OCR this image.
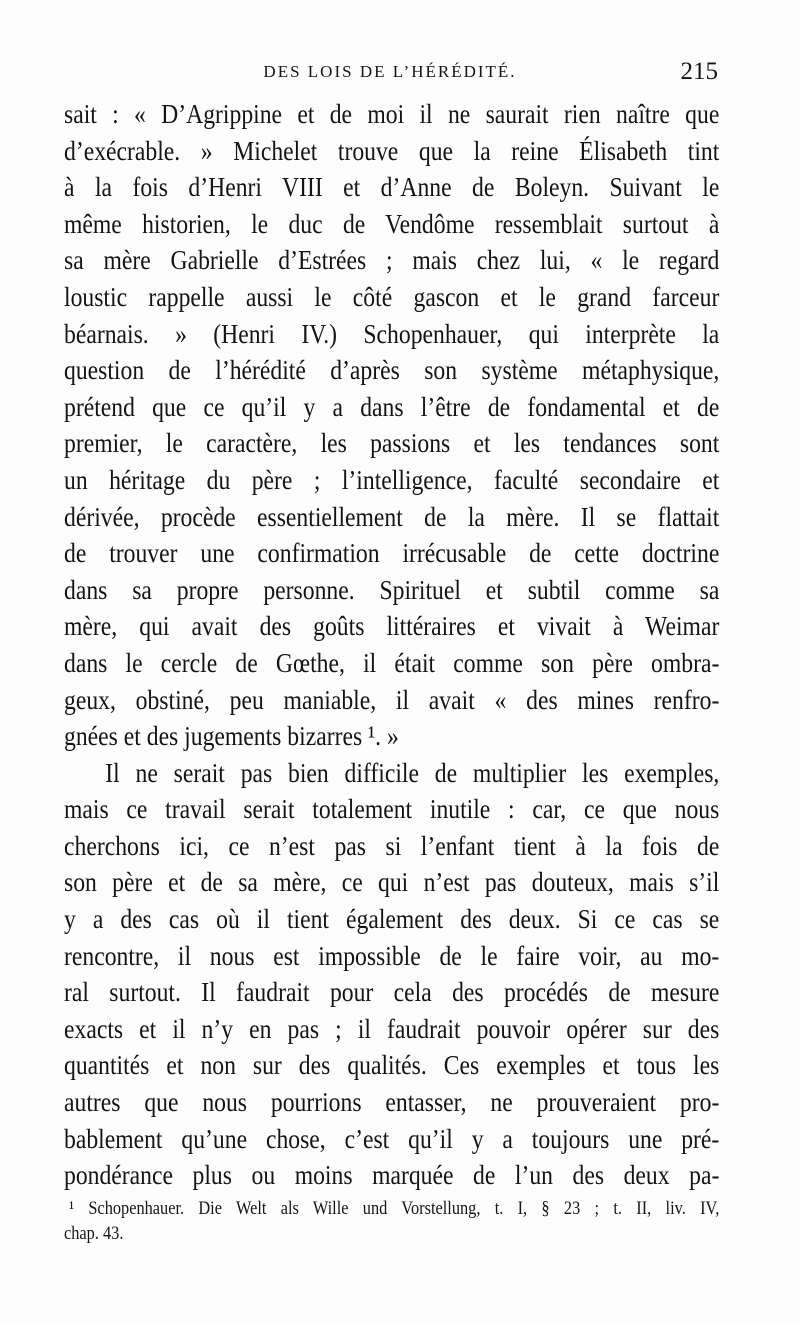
DES LOIS DE L’HÉRÉDITÉ.	215
sait : « D’Agrippine et de moi il ne saurait rien naître que
d’exécrable. » Michelet trouve que la reine Élisabeth tint
à la fois d’Henri VIII et d’Anne de Boleyn. Suivant le
même historien, le duc de Vendôme ressemblait surtout à
sa mère Gabrielle d’Estrées ; mais chez lui, « le regard
loustic rappelle aussi le côté gascon et le grand farceur
béarnais. » (Henri IV.) Schopenhauer, qui interprète la
question de l’hérédité d’après son système métaphysique,
prétend que ce qu’il y a dans l’être de fondamental et de
premier, le caractère, les passions et les tendances sont
un héritage du père ; l’intelligence, faculté secondaire et
dérivée, procède essentiellement de la mère. Il se flattait
de trouver une confirmation irrécusable de cette doctrine
dans sa propre personne. Spirituel et subtil comme sa
mère, qui avait des goûts littéraires et vivait à Weimar
dans le cercle de Gœthe, il était comme son père ombra-
geux, obstiné, peu maniable, il avait « des mines renfro-
gnées et des jugements bizarres ¹. »
Il ne serait pas bien difficile de multiplier les exemples,
mais ce travail serait totalement inutile : car, ce que nous
cherchons ici, ce n’est pas si l’enfant tient à la fois de
son père et de sa mère, ce qui n’est pas douteux, mais s’il
y a des cas où il tient également des deux. Si ce cas se
rencontre, il nous est impossible de le faire voir, au mo-
ral surtout. Il faudrait pour cela des procédés de mesure
exacts et il n’y en pas ; il faudrait pouvoir opérer sur des
quantités et non sur des qualités. Ces exemples et tous les
autres que nous pourrions entasser, ne prouveraient pro-
bablement qu’une chose, c’est qu’il y a toujours une pré-
pondérance plus ou moins marquée de l’un des deux pa-
¹ Schopenhauer. Die Welt als Wille und Vorstellung, t. I, § 23 ; t. II, liv. IV,
chap. 43.
